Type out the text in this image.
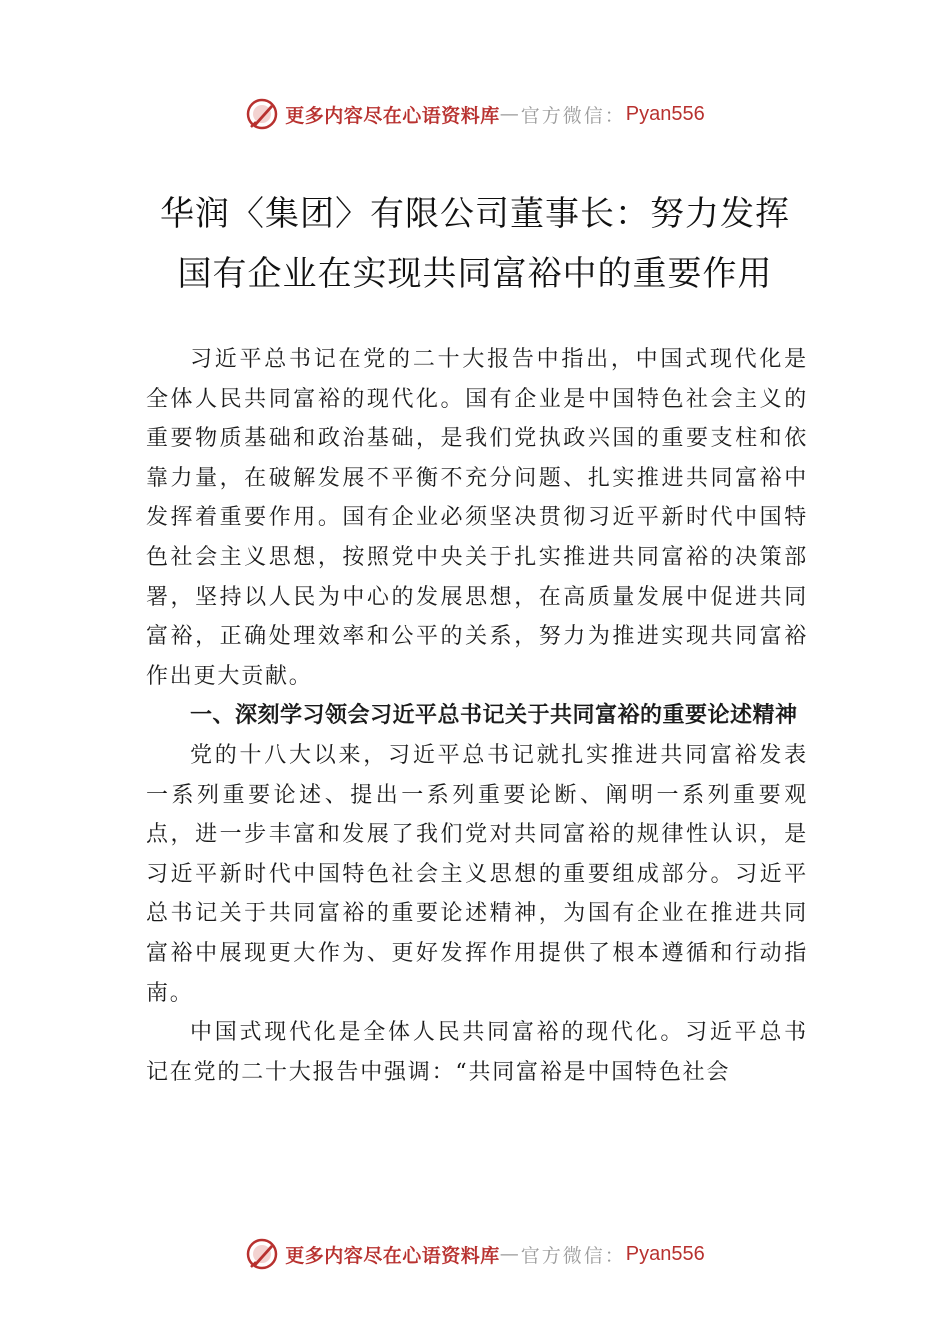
更多内容尽在心语资料库 — 官方微信： Pyan556
华润〈集团〉有限公司董事长：努力发挥
国有企业在实现共同富裕中的重要作用

习近平总书记在党的二十大报告中指出，中国式现代化是全体人民共同富裕的现代化。国有企业是中国特色社会主义的重要物质基础和政治基础，是我们党执政兴国的重要支柱和依靠力量，在破解发展不平衡不充分问题、扎实推进共同富裕中发挥着重要作用。国有企业必须坚决贯彻习近平新时代中国特色社会主义思想，按照党中央关于扎实推进共同富裕的决策部署，坚持以人民为中心的发展思想，在高质量发展中促进共同富裕，正确处理效率和公平的关系，努力为推进实现共同富裕作出更大贡献。

一、深刻学习领会习近平总书记关于共同富裕的重要论述精神

党的十八大以来，习近平总书记就扎实推进共同富裕发表一系列重要论述、提出一系列重要论断、阐明一系列重要观点，进一步丰富和发展了我们党对共同富裕的规律性认识，是习近平新时代中国特色社会主义思想的重要组成部分。习近平总书记关于共同富裕的重要论述精神，为国有企业在推进共同富裕中展现更大作为、更好发挥作用提供了根本遵循和行动指南。

中国式现代化是全体人民共同富裕的现代化。习近平总书记在党的二十大报告中强调：“共同富裕是中国特色社会

更多内容尽在心语资料库 — 官方微信： Pyan556
